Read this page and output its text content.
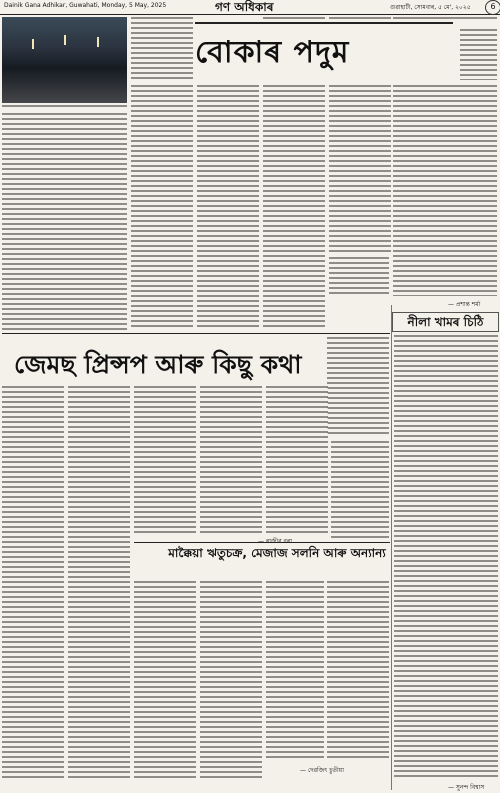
Dainik Gana Adhikar, Guwahati, Monday, 5 May, 2025	গণ অধিকাৰ	গুৱাহাটী, সোমবাৰ, ৫ মে', ২০২৫	6
বোকাৰ পদুম
— প্ৰশান্ত শৰ্মা
নীলা খামৰ চিঠি
— সুনন্দ বিশ্বাস
জেমছ প্ৰিন্সপ আৰু কিছু কথা
মাক্কৈয়া ঋতুচক্ৰ, মেজাজ সলনি আৰু অন্যান্য
— দেৱজিৎ চুতীয়া
